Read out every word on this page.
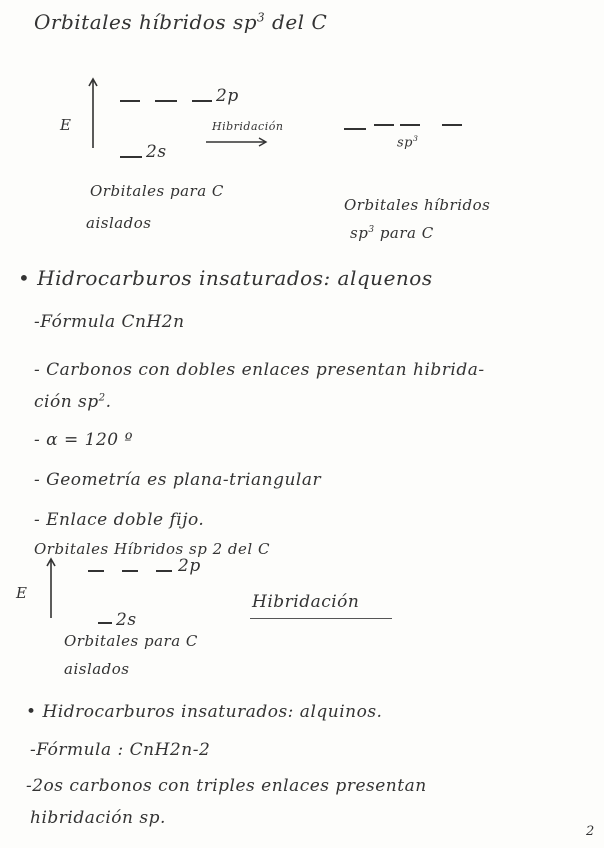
Orbitales híbridos $sp^3$ del C
E
2p
2s
Hibridación
$sp^3$
Orbitales para C
aislados
Orbitales híbridos
$sp^3$ para C
• Hidrocarburos insaturados: alquenos
-Fórmula CnH2n
- Carbonos con dobles enlaces presentan hibrida-
ción $sp^2$.
- α = 120 º
- Geometría es plana-triangular
- Enlace doble fijo.
Orbitales Híbridos sp 2 del C
E
2p
2s
Hibridación
Orbitales para C
aislados
• Hidrocarburos insaturados: alquinos.
-Fórmula : CnH2n-2
-2os carbonos con triples enlaces presentan
hibridación sp.
2
